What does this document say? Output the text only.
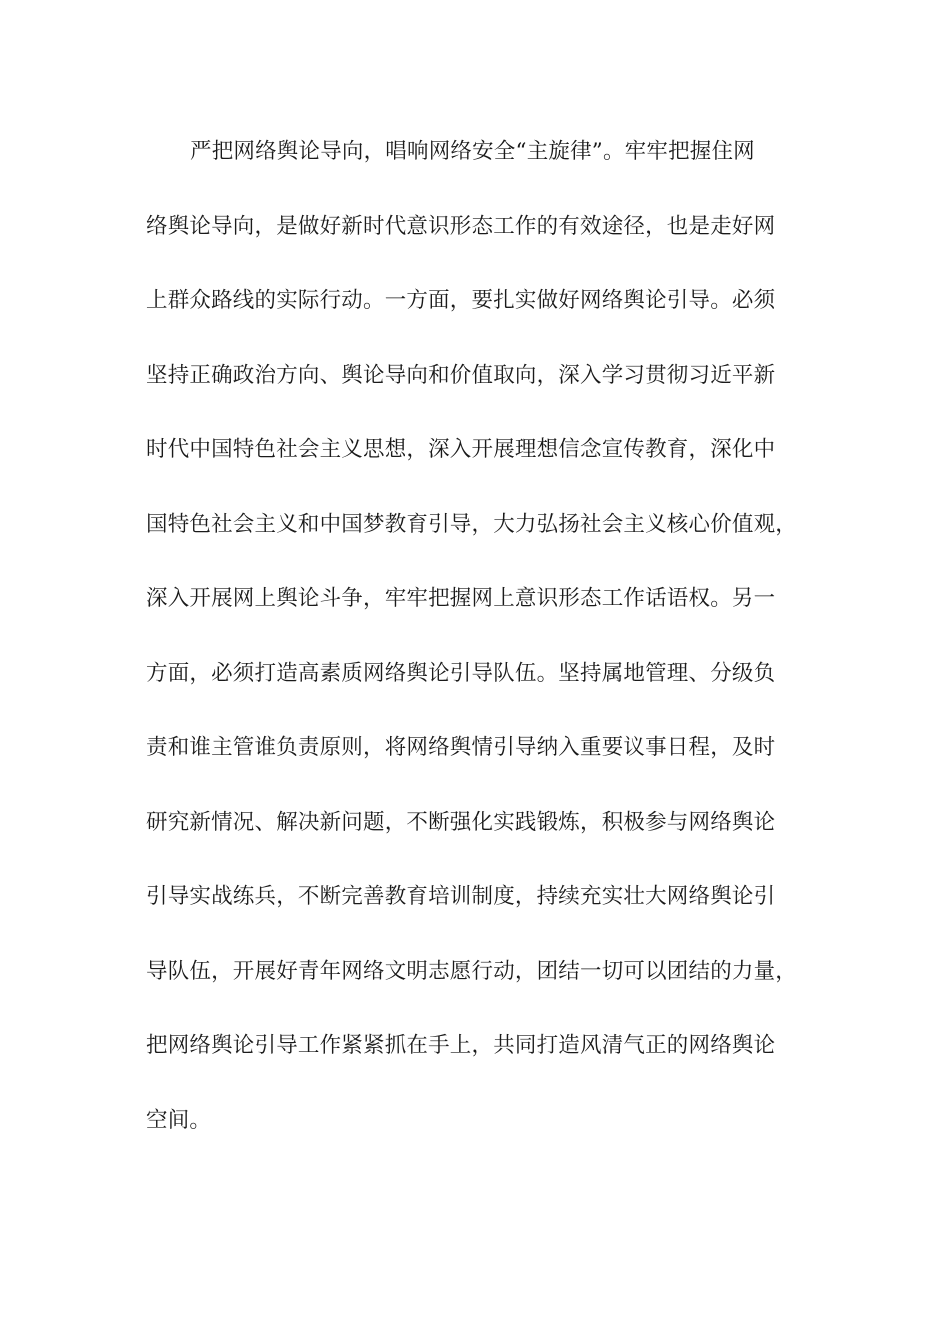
严把网络舆论导向，唱响网络安全“主旋律”。牢牢把握住网
络舆论导向，是做好新时代意识形态工作的有效途径，也是走好网
上群众路线的实际行动。一方面，要扎实做好网络舆论引导。必须
坚持正确政治方向、舆论导向和价值取向，深入学习贯彻习近平新
时代中国特色社会主义思想，深入开展理想信念宣传教育，深化中
国特色社会主义和中国梦教育引导，大力弘扬社会主义核心价值观，
深入开展网上舆论斗争，牢牢把握网上意识形态工作话语权。另一
方面，必须打造高素质网络舆论引导队伍。坚持属地管理、分级负
责和谁主管谁负责原则，将网络舆情引导纳入重要议事日程，及时
研究新情况、解决新问题，不断强化实践锻炼，积极参与网络舆论
引导实战练兵，不断完善教育培训制度，持续充实壮大网络舆论引
导队伍，开展好青年网络文明志愿行动，团结一切可以团结的力量，
把网络舆论引导工作紧紧抓在手上，共同打造风清气正的网络舆论
空间。
